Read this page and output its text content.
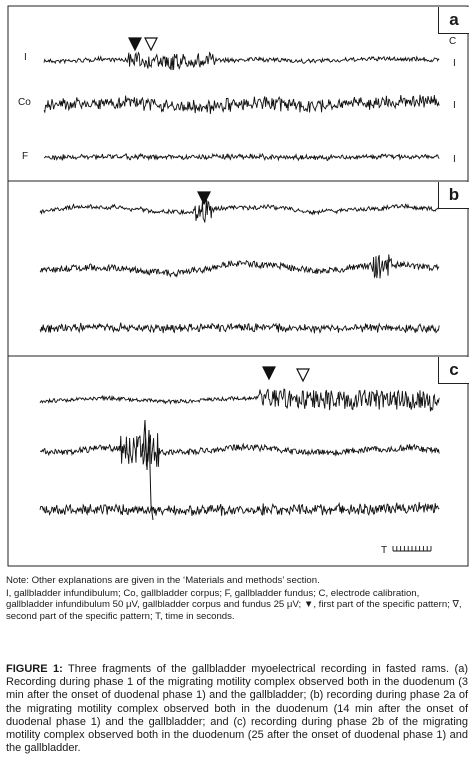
a
b
c
I
Co
F
C
I
I
I
T

Note: Other explanations are given in the ‘Materials and methods’ section.

I, gallbladder infundibulum; Co, gallbladder corpus; F, gallbladder fundus; C, electrode calibration, gallbladder infundibulum 50 μV, gallbladder corpus and fundus 25 μV; ▼, first part of the specific pattern; ∇, second part of the specific pattern; T, time in seconds.

FIGURE 1: Three fragments of the gallbladder myoelectrical recording in fasted rams. (a) Recording during phase 1 of the migrating motility complex observed both in the duodenum (3 min after the onset of duodenal phase 1) and the gallbladder; (b) recording during phase 2a of the migrating motility complex observed both in the duodenum (14 min after the onset of duodenal phase 1) and the gallbladder; and (c) recording during phase 2b of the migrating motility complex observed both in the duodenum (25 after the onset of duodenal phase 1) and the gallbladder.
